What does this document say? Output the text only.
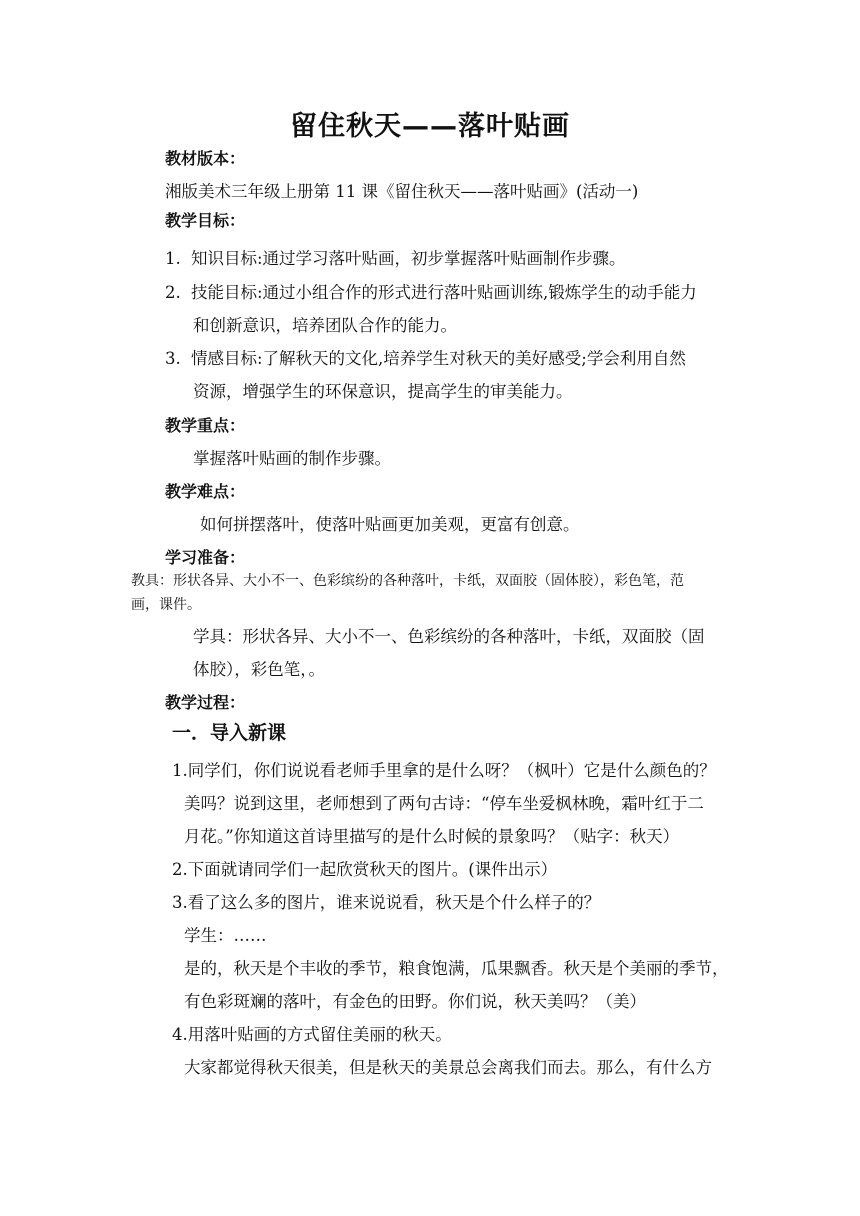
留住秋天——落叶贴画
教材版本：
湘版美术三年级上册第 11 课《留住秋天——落叶贴画》(活动一)
教学目标：
1. 知识目标:通过学习落叶贴画，初步掌握落叶贴画制作步骤。
2. 技能目标:通过小组合作的形式进行落叶贴画训练,锻炼学生的动手能力
和创新意识，培养团队合作的能力。
3. 情感目标:了解秋天的文化,培养学生对秋天的美好感受;学会利用自然
资源，增强学生的环保意识，提高学生的审美能力。
教学重点：
掌握落叶贴画的制作步骤。
教学难点：
如何拼摆落叶，使落叶贴画更加美观，更富有创意。
学习准备：
教具：形状各异、大小不一、色彩缤纷的各种落叶，卡纸，双面胶（固体胶），彩色笔，范
画，课件。
学具：形状各异、大小不一、色彩缤纷的各种落叶，卡纸，双面胶（固
体胶），彩色笔，。
教学过程：
一．导入新课
1.同学们，你们说说看老师手里拿的是什么呀？（枫叶）它是什么颜色的？
美吗？说到这里，老师想到了两句古诗：“停车坐爱枫林晚，霜叶红于二
月花。”你知道这首诗里描写的是什么时候的景象吗？（贴字：秋天）
2.下面就请同学们一起欣赏秋天的图片。(课件出示）
3.看了这么多的图片，谁来说说看，秋天是个什么样子的？
学生：……
是的，秋天是个丰收的季节，粮食饱满，瓜果飘香。秋天是个美丽的季节，
有色彩斑斓的落叶，有金色的田野。你们说，秋天美吗？（美）
4.用落叶贴画的方式留住美丽的秋天。
大家都觉得秋天很美，但是秋天的美景总会离我们而去。那么，有什么方
